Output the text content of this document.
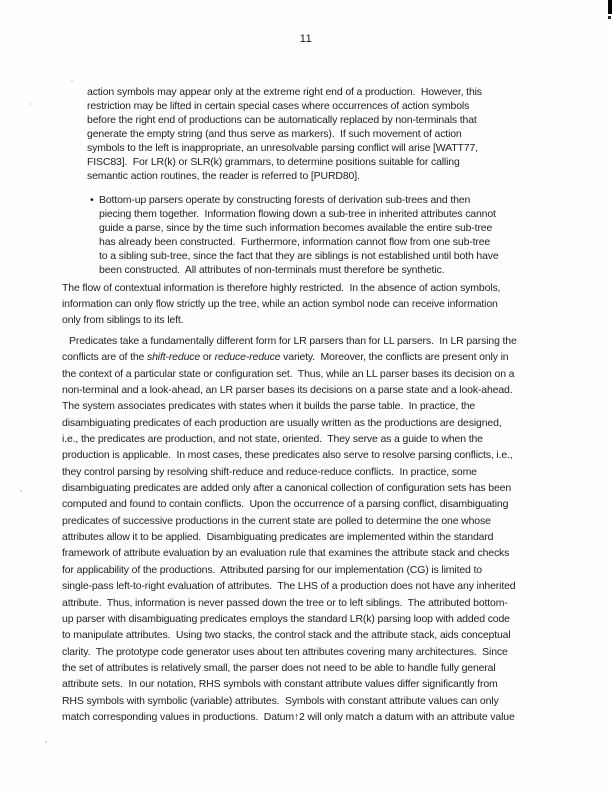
11
action symbols may appear only at the extreme right end of a production.  However, this
restriction may be lifted in certain special cases where occurrences of action symbols
before the right end of productions can be automatically replaced by non-terminals that
generate the empty string (and thus serve as markers).  If such movement of action
symbols to the left is inappropriate, an unresolvable parsing conflict will arise [WATT77,
FISC83].  For LR(k) or SLR(k) grammars, to determine positions suitable for calling
semantic action routines, the reader is referred to [PURD80].
• Bottom-up parsers operate by constructing forests of derivation sub-trees and then
piecing them together.  Information flowing down a sub-tree in inherited attributes cannot
guide a parse, since by the time such information becomes available the entire sub-tree
has already been constructed.  Furthermore, information cannot flow from one sub-tree
to a sibling sub-tree, since the fact that they are siblings is not established until both have
been constructed.  All attributes of non-terminals must therefore be synthetic.
The flow of contextual information is therefore highly restricted.  In the absence of action symbols,
information can only flow strictly up the tree, while an action symbol node can receive information
only from siblings to its left.
Predicates take a fundamentally different form for LR parsers than for LL parsers.  In LR parsing the
conflicts are of the shift-reduce or reduce-reduce variety.  Moreover, the conflicts are present only in
the context of a particular state or configuration set.  Thus, while an LL parser bases its decision on a
non-terminal and a look-ahead, an LR parser bases its decisions on a parse state and a look-ahead.
The system associates predicates with states when it builds the parse table.  In practice, the
disambiguating predicates of each production are usually written as the productions are designed,
i.e., the predicates are production, and not state, oriented.  They serve as a guide to when the
production is applicable.  In most cases, these predicates also serve to resolve parsing conflicts, i.e.,
they control parsing by resolving shift-reduce and reduce-reduce conflicts.  In practice, some
disambiguating predicates are added only after a canonical collection of configuration sets has been
computed and found to contain conflicts.  Upon the occurrence of a parsing conflict, disambiguating
predicates of successive productions in the current state are polled to determine the one whose
attributes allow it to be applied.  Disambiguating predicates are implemented within the standard
framework of attribute evaluation by an evaluation rule that examines the attribute stack and checks
for applicability of the productions.  Attributed parsing for our implementation (CG) is limited to
single-pass left-to-right evaluation of attributes.  The LHS of a production does not have any inherited
attribute.  Thus, information is never passed down the tree or to left siblings.  The attributed bottom-
up parser with disambiguating predicates employs the standard LR(k) parsing loop with added code
to manipulate attributes.  Using two stacks, the control stack and the attribute stack, aids conceptual
clarity.  The prototype code generator uses about ten attributes covering many architectures.  Since
the set of attributes is relatively small, the parser does not need to be able to handle fully general
attribute sets.  In our notation, RHS symbols with constant attribute values differ significantly from
RHS symbols with symbolic (variable) attributes.  Symbols with constant attribute values can only
match corresponding values in productions.  Datum↑2 will only match a datum with an attribute value
